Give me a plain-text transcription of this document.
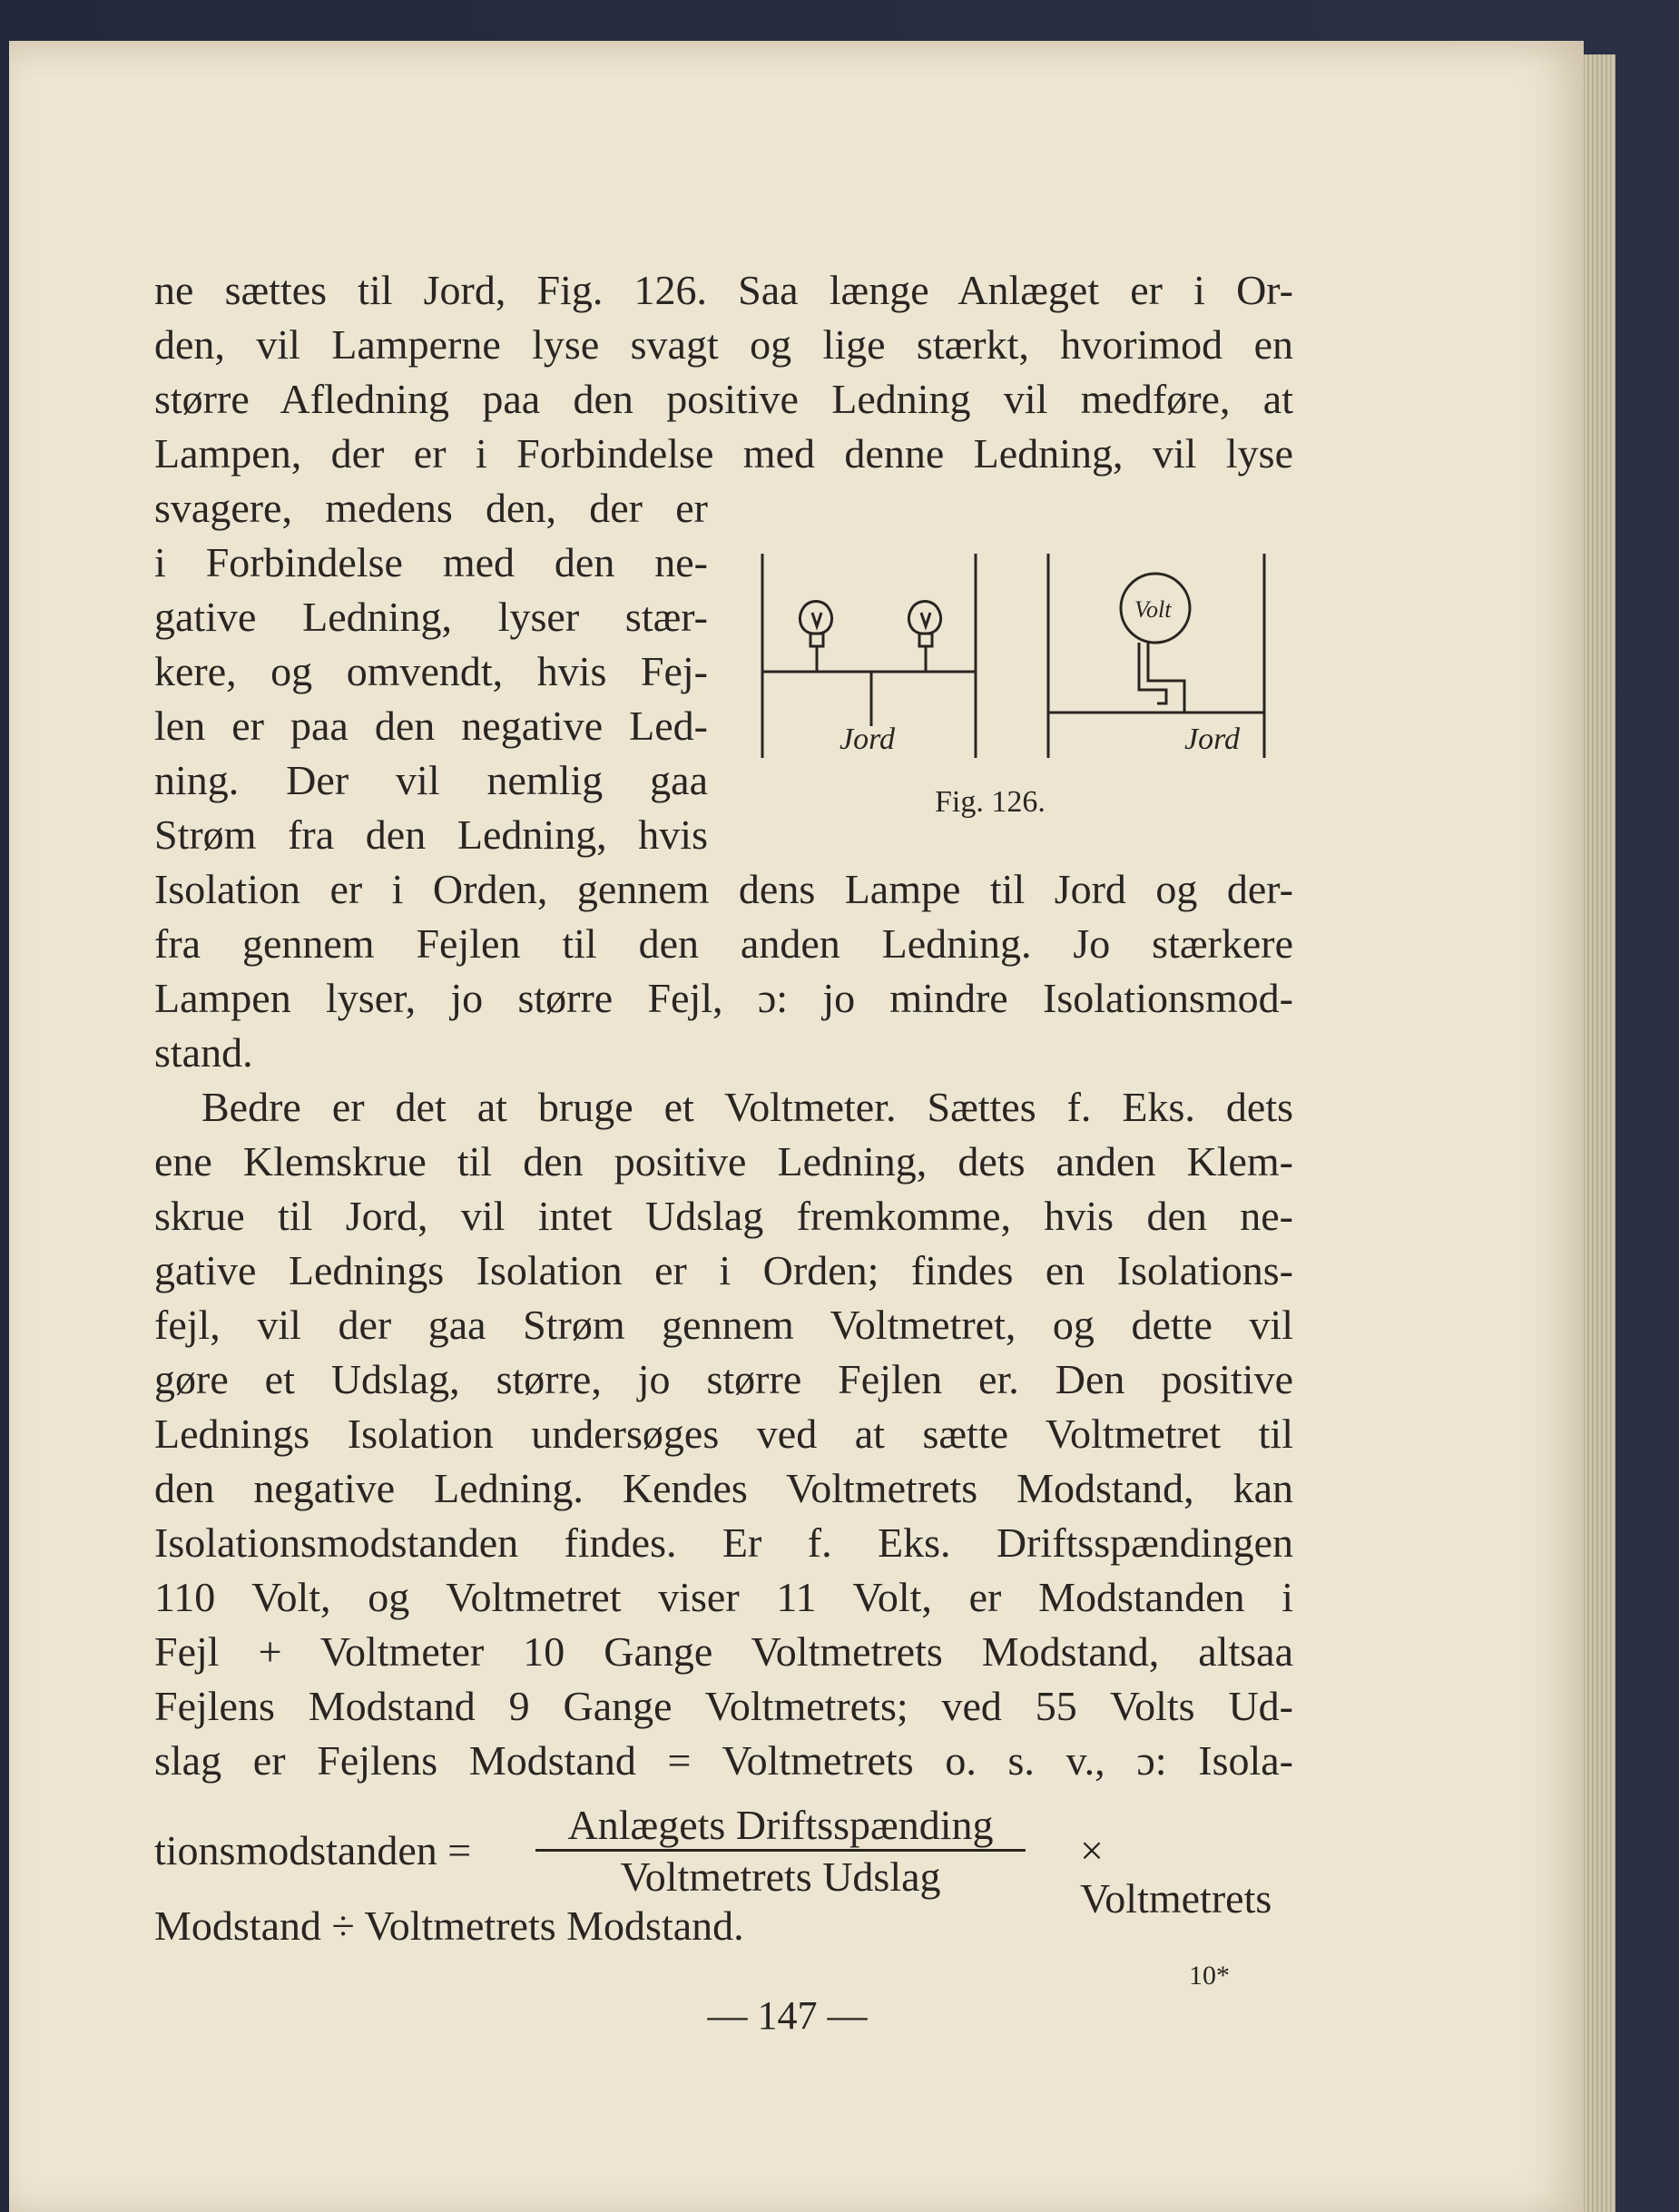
ne sættes til Jord, Fig. 126. Saa længe Anlæget er i Or-
den, vil Lamperne lyse svagt og lige stærkt, hvorimod en
større Afledning paa den positive Ledning vil medføre, at
Lampen, der er i Forbindelse med denne Ledning, vil lyse
svagere, medens den, der er
i Forbindelse med den ne-
gative Ledning, lyser stær-
kere, og omvendt, hvis Fej-
len er paa den negative Led-
ning. Der vil nemlig gaa
Strøm fra den Ledning, hvis
Isolation er i Orden, gennem dens Lampe til Jord og der-
fra gennem Fejlen til den anden Ledning. Jo stærkere
Lampen lyser, jo større Fejl, ɔ: jo mindre Isolationsmod-
stand.
Bedre er det at bruge et Voltmeter. Sættes f. Eks. dets
ene Klemskrue til den positive Ledning, dets anden Klem-
skrue til Jord, vil intet Udslag fremkomme, hvis den ne-
gative Lednings Isolation er i Orden; findes en Isolations-
fejl, vil der gaa Strøm gennem Voltmetret, og dette vil
gøre et Udslag, større, jo større Fejlen er. Den positive
Lednings Isolation undersøges ved at sætte Voltmetret til
den negative Ledning. Kendes Voltmetrets Modstand, kan
Isolationsmodstanden findes. Er f. Eks. Driftsspændingen
110 Volt, og Voltmetret viser 11 Volt, er Modstanden i
Fejl + Voltmeter 10 Gange Voltmetrets Modstand, altsaa
Fejlens Modstand 9 Gange Voltmetrets; ved 55 Volts Ud-
slag er Fejlens Modstand = Voltmetrets o. s. v., ɔ: Isola-
Jord	Jord
Volt
Fig. 126.
tionsmodstanden =
Anlægets Driftsspænding
Voltmetrets Udslag
× Voltmetrets
Modstand ÷ Voltmetrets Modstand.
10*
— 147 —
